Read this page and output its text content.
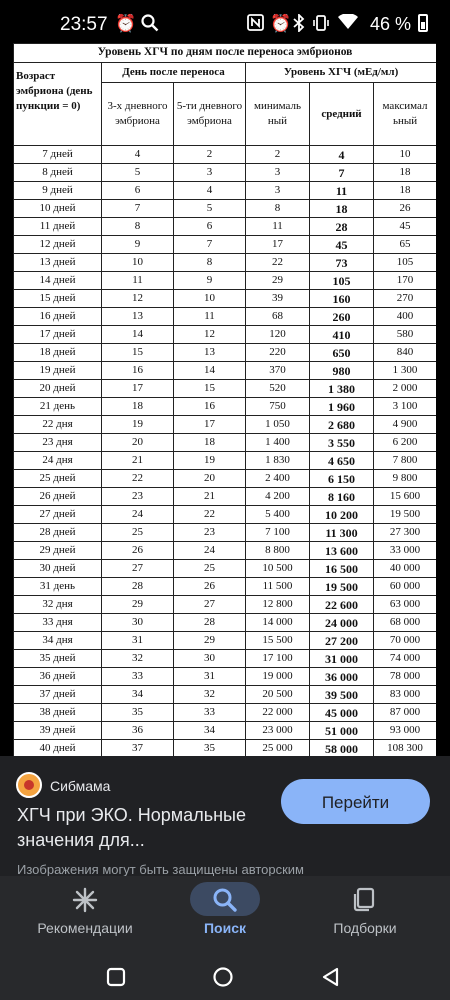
23:57 ⏰	⏰	46 %
Уровень ХГЧ по дням после переноса эмбрионов					
Возраст эмбриона (день пункции = 0)	День после переноса		Уровень ХГЧ (мЕд/мл)		
	3-х дневного эмбриона	5-ти дневного эмбриона	минималь ный	средний	максимал ьный
7 дней	4	2	2	4	10
8 дней	5	3	3	7	18
9 дней	6	4	3	11	18
10 дней	7	5	8	18	26
11 дней	8	6	11	28	45
12 дней	9	7	17	45	65
13 дней	10	8	22	73	105
14 дней	11	9	29	105	170
15 дней	12	10	39	160	270
16 дней	13	11	68	260	400
17 дней	14	12	120	410	580
18 дней	15	13	220	650	840
19 дней	16	14	370	980	1 300
20 дней	17	15	520	1 380	2 000
21 день	18	16	750	1 960	3 100
22 дня	19	17	1 050	2 680	4 900
23 дня	20	18	1 400	3 550	6 200
24 дня	21	19	1 830	4 650	7 800
25 дней	22	20	2 400	6 150	9 800
26 дней	23	21	4 200	8 160	15 600
27 дней	24	22	5 400	10 200	19 500
28 дней	25	23	7 100	11 300	27 300
29 дней	26	24	8 800	13 600	33 000
30 дней	27	25	10 500	16 500	40 000
31 день	28	26	11 500	19 500	60 000
32 дня	29	27	12 800	22 600	63 000
33 дня	30	28	14 000	24 000	68 000
34 дня	31	29	15 500	27 200	70 000
35 дней	32	30	17 100	31 000	74 000
36 дней	33	31	19 000	36 000	78 000
37 дней	34	32	20 500	39 500	83 000
38 дней	35	33	22 000	45 000	87 000
39 дней	36	34	23 000	51 000	93 000
40 дней	37	35	25 000	58 000	108 300

Сибмама
ХГЧ при ЭКО. Нормальные значения для...
Изображения могут быть защищены авторским
Перейти
Рекомендации	Поиск	Подборки
